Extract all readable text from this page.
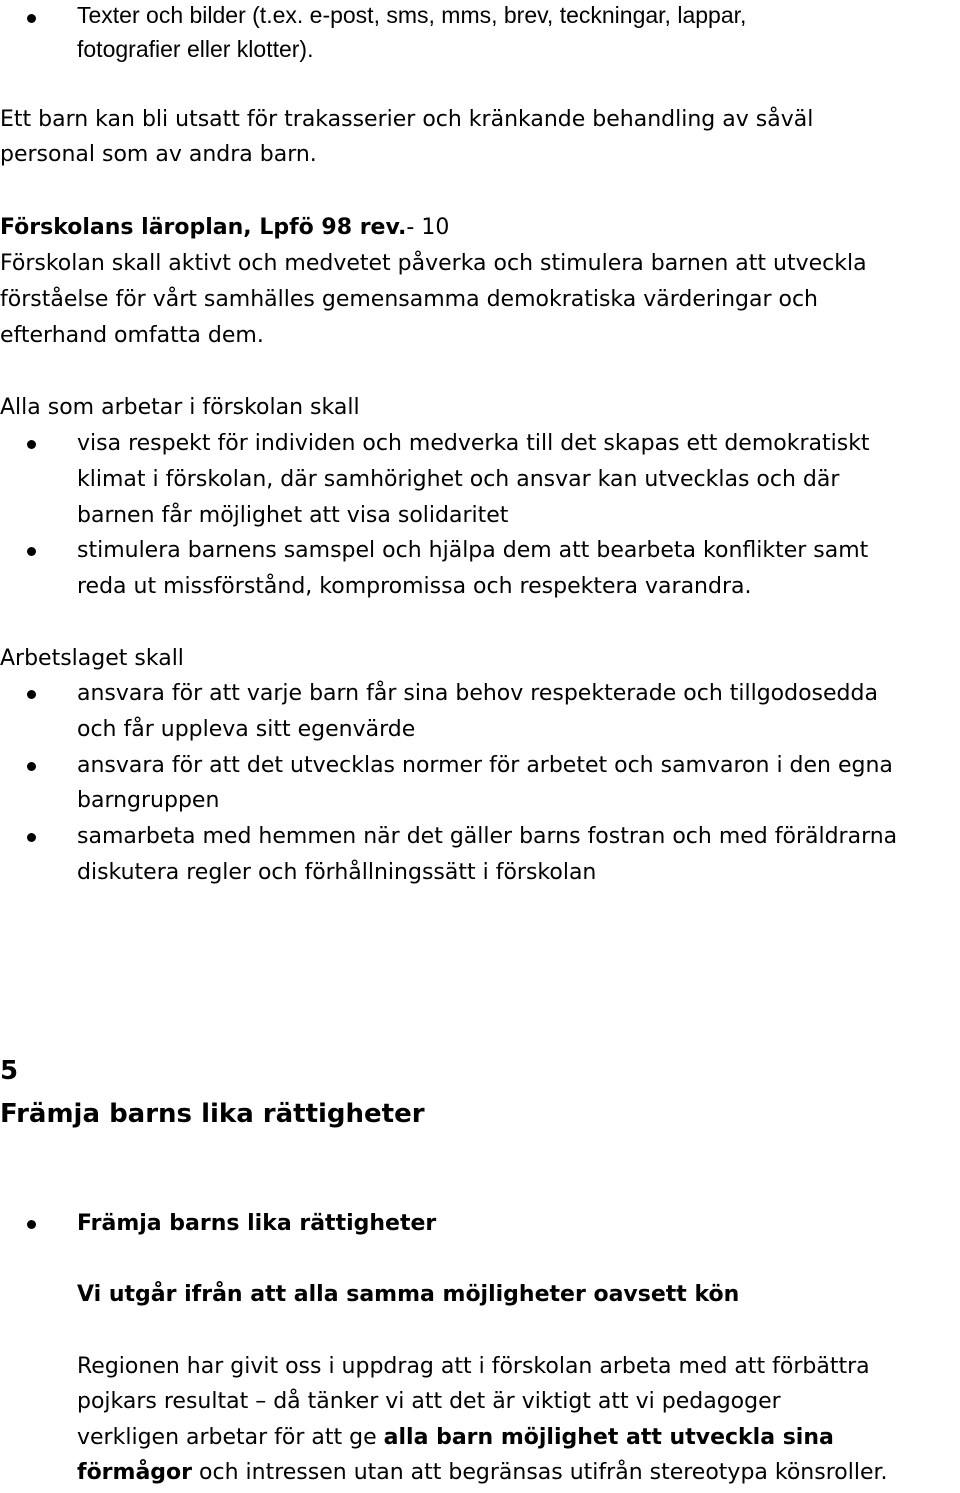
Texter och bilder (t.ex. e-post, sms, mms, brev, teckningar, lappar,
fotografier eller klotter).
Ett barn kan bli utsatt för trakasserier och kränkande behandling av såväl
personal som av andra barn.
Förskolans läroplan, Lpfö 98 rev.- 10
Förskolan skall aktivt och medvetet påverka och stimulera barnen att utveckla
förståelse för vårt samhälles gemensamma demokratiska värderingar och
efterhand omfatta dem.
Alla som arbetar i förskolan skall
visa respekt för individen och medverka till det skapas ett demokratiskt
klimat i förskolan, där samhörighet och ansvar kan utvecklas och där
barnen får möjlighet att visa solidaritet
stimulera barnens samspel och hjälpa dem att bearbeta konflikter samt
reda ut missförstånd, kompromissa och respektera varandra.
Arbetslaget skall
ansvara för att varje barn får sina behov respekterade och tillgodosedda
och får uppleva sitt egenvärde
ansvara för att det utvecklas normer för arbetet och samvaron i den egna
barngruppen
samarbeta med hemmen när det gäller barns fostran och med föräldrarna
diskutera regler och förhållningssätt i förskolan
5
Främja barns lika rättigheter
Främja barns lika rättigheter
Vi utgår ifrån att alla samma möjligheter oavsett kön
Regionen har givit oss i uppdrag att i förskolan arbeta med att förbättra
pojkars resultat – då tänker vi att det är viktigt att vi pedagoger
verkligen arbetar för att ge alla barn möjlighet att utveckla sina
förmågor och intressen utan att begränsas utifrån stereotypa könsroller.
